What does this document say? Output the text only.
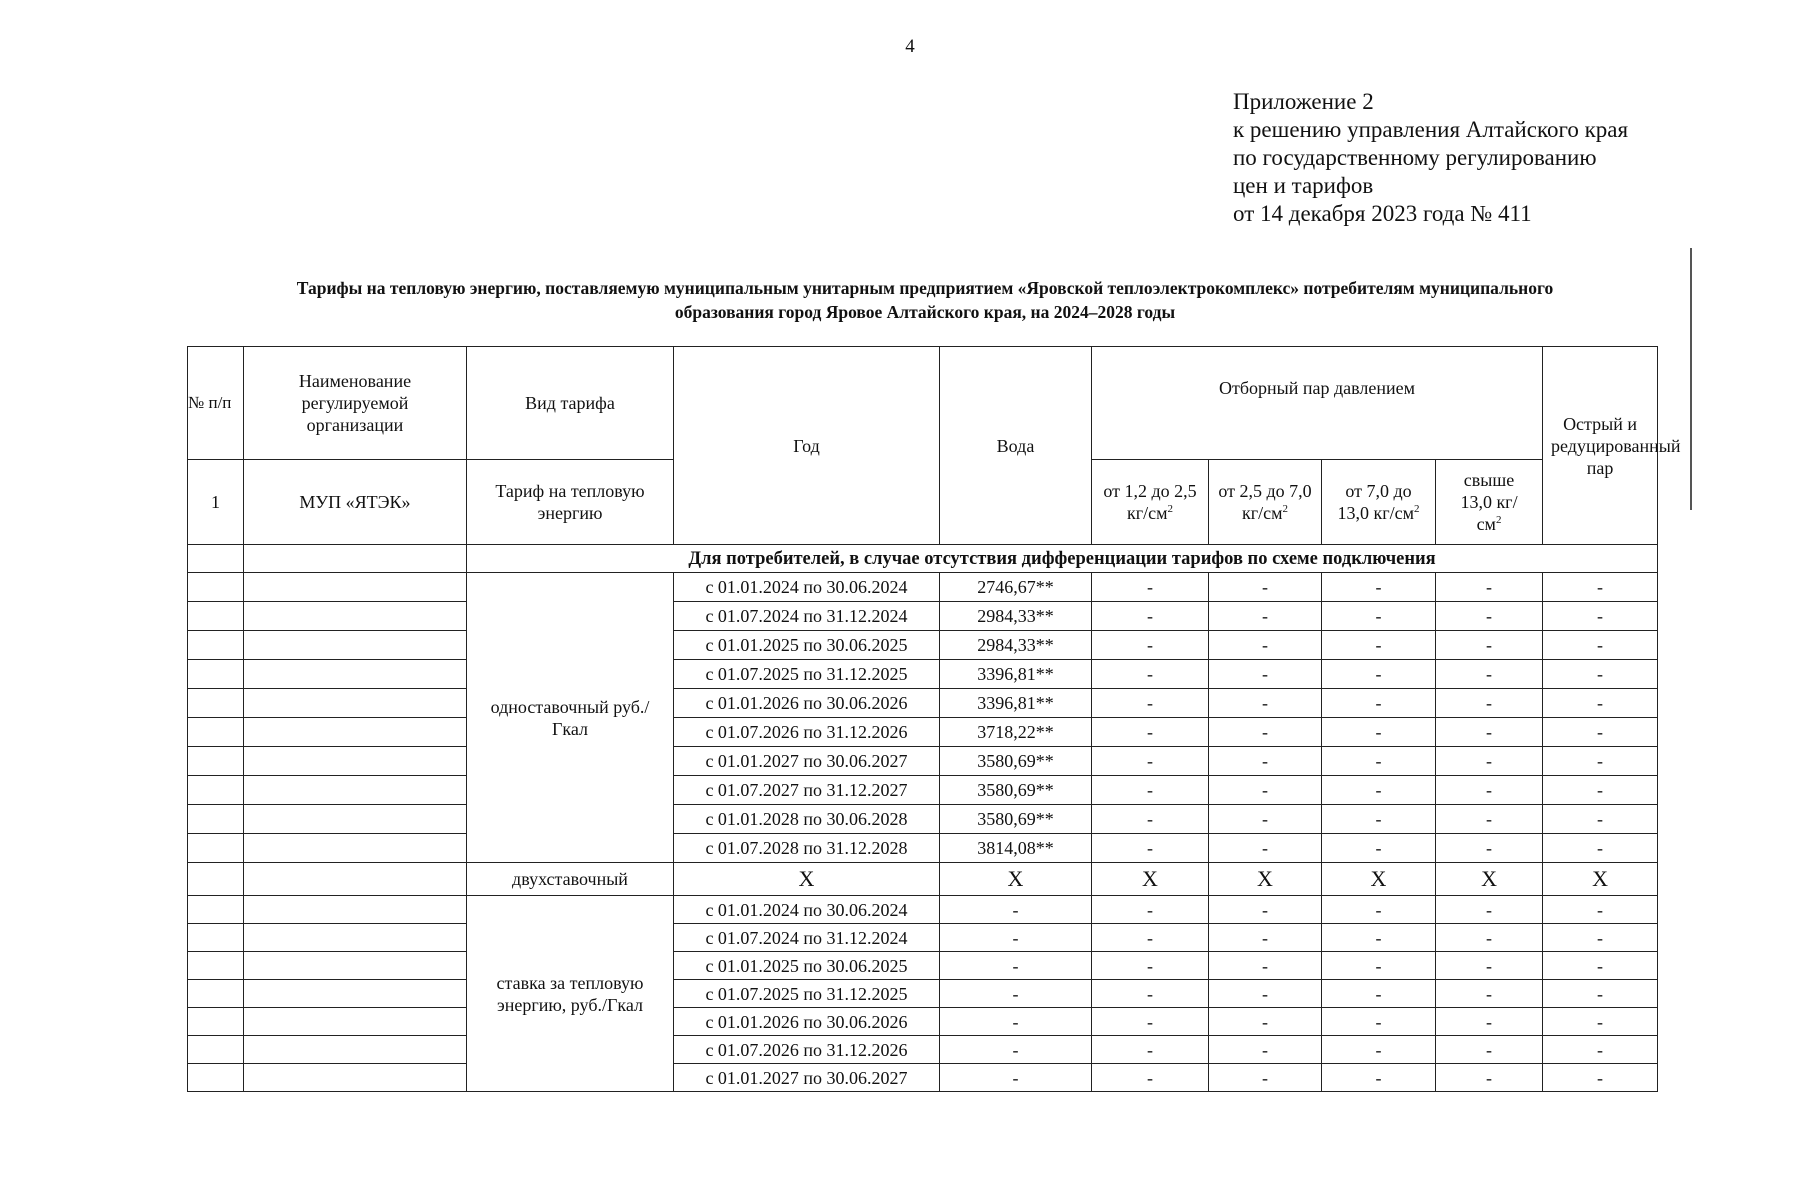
4
Приложение 2
к решению управления Алтайского края
по государственному регулированию
цен и тарифов
от 14 декабря 2023 года № 411
Тарифы на тепловую энергию, поставляемую муниципальным унитарным предприятием «Яровской теплоэлектрокомплекс» потребителям муниципального
образования город Яровое Алтайского края, на 2024–2028 годы
№ п/п	Наименование регулируемой организации	Вид тарифа	Год	Вода	Отборный пар давлением				Острый и редуцированный пар
1	МУП «ЯТЭК»	Тариф на тепловую энергию			от 1,2 до 2,5 $кг/см^2$	от 2,5 до 7,0 $кг/см^2$	от 7,0 до 13,0 $кг/см^2$	свыше 13,0 $кг/см^2$
		Для потребителей, в случае отсутствия дифференциации тарифов по схеме подключения							
		одноставочный руб./Гкал	с 01.01.2024 по 30.06.2024	2746,67**	-	-	-	-	-
			с 01.07.2024 по 31.12.2024	2984,33**	-	-	-	-	-
			с 01.01.2025 по 30.06.2025	2984,33**	-	-	-	-	-
			с 01.07.2025 по 31.12.2025	3396,81**	-	-	-	-	-
			с 01.01.2026 по 30.06.2026	3396,81**	-	-	-	-	-
			с 01.07.2026 по 31.12.2026	3718,22**	-	-	-	-	-
			с 01.01.2027 по 30.06.2027	3580,69**	-	-	-	-	-
			с 01.07.2027 по 31.12.2027	3580,69**	-	-	-	-	-
			с 01.01.2028 по 30.06.2028	3580,69**	-	-	-	-	-
			с 01.07.2028 по 31.12.2028	3814,08**	-	-	-	-	-
		двухставочный	X	X	X	X	X	X	X
		ставка за тепловую энергию, руб./Гкал	с 01.01.2024 по 30.06.2024	-	-	-	-	-	-
			с 01.07.2024 по 31.12.2024	-	-	-	-	-	-
			с 01.01.2025 по 30.06.2025	-	-	-	-	-	-
			с 01.07.2025 по 31.12.2025	-	-	-	-	-	-
			с 01.01.2026 по 30.06.2026	-	-	-	-	-	-
			с 01.07.2026 по 31.12.2026	-	-	-	-	-	-
			с 01.01.2027 по 30.06.2027	-	-	-	-	-	-
